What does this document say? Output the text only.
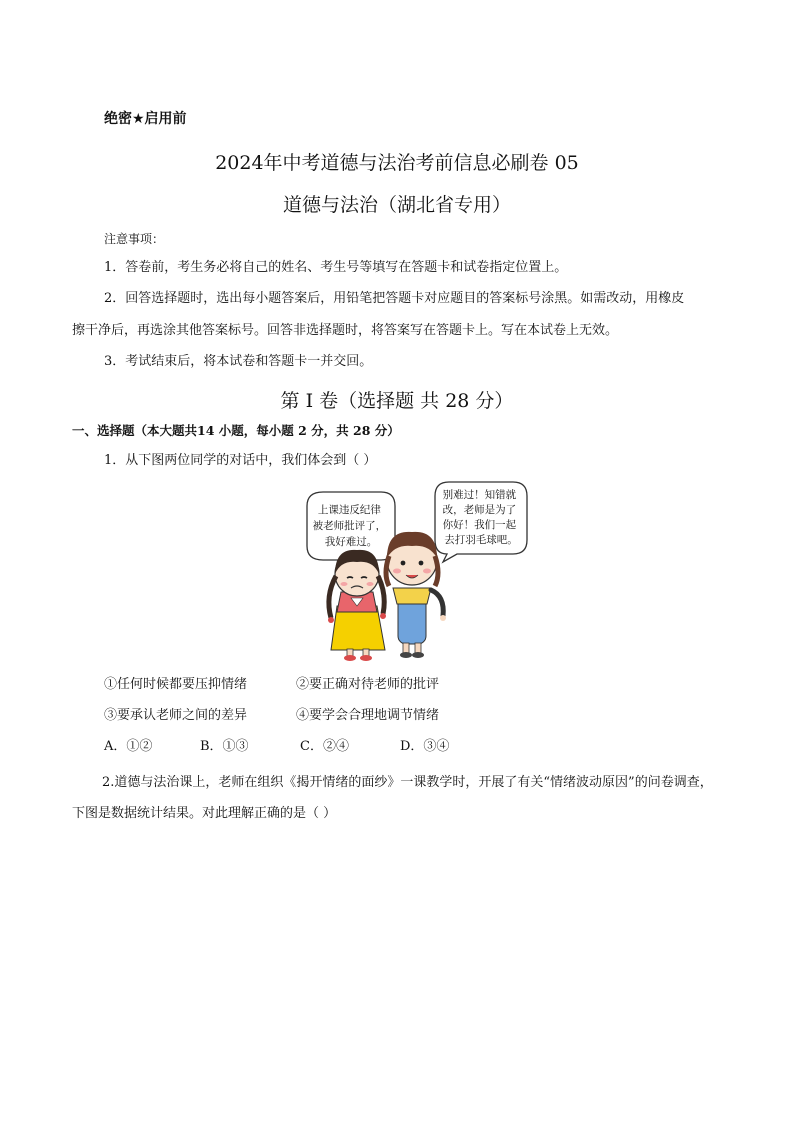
绝密★启用前
2024年中考道德与法治考前信息必刷卷 05
道德与法治（湖北省专用）
注意事项：
1．答卷前，考生务必将自己的姓名、考生号等填写在答题卡和试卷指定位置上。
2．回答选择题时，选出每小题答案后，用铅笔把答题卡对应题目的答案标号涂黑。如需改动，用橡皮
擦干净后，再选涂其他答案标号。回答非选择题时，将答案写在答题卡上。写在本试卷上无效。
3．考试结束后，将本试卷和答题卡一并交回。
第 I 卷（选择题 共 28 分）
一、选择题（本大题共14 小题，每小题 2 分，共 28 分）
1．从下图两位同学的对话中，我们体会到（ ）
上课违反纪律 被老师批评了， 我好难过。
别难过！知错就 改，老师是为了 你好！我们一起 去打羽毛球吧。
①任何时候都要压抑情绪	②要正确对待老师的批评
③要承认老师之间的差异	④要学会合理地调节情绪
A．①②	B．①③	C．②④	D．③④
2.道德与法治课上，老师在组织《揭开情绪的面纱》一课教学时，开展了有关“情绪波动原因”的问卷调查，下图是数据统计结果。对此理解正确的是（ ）
